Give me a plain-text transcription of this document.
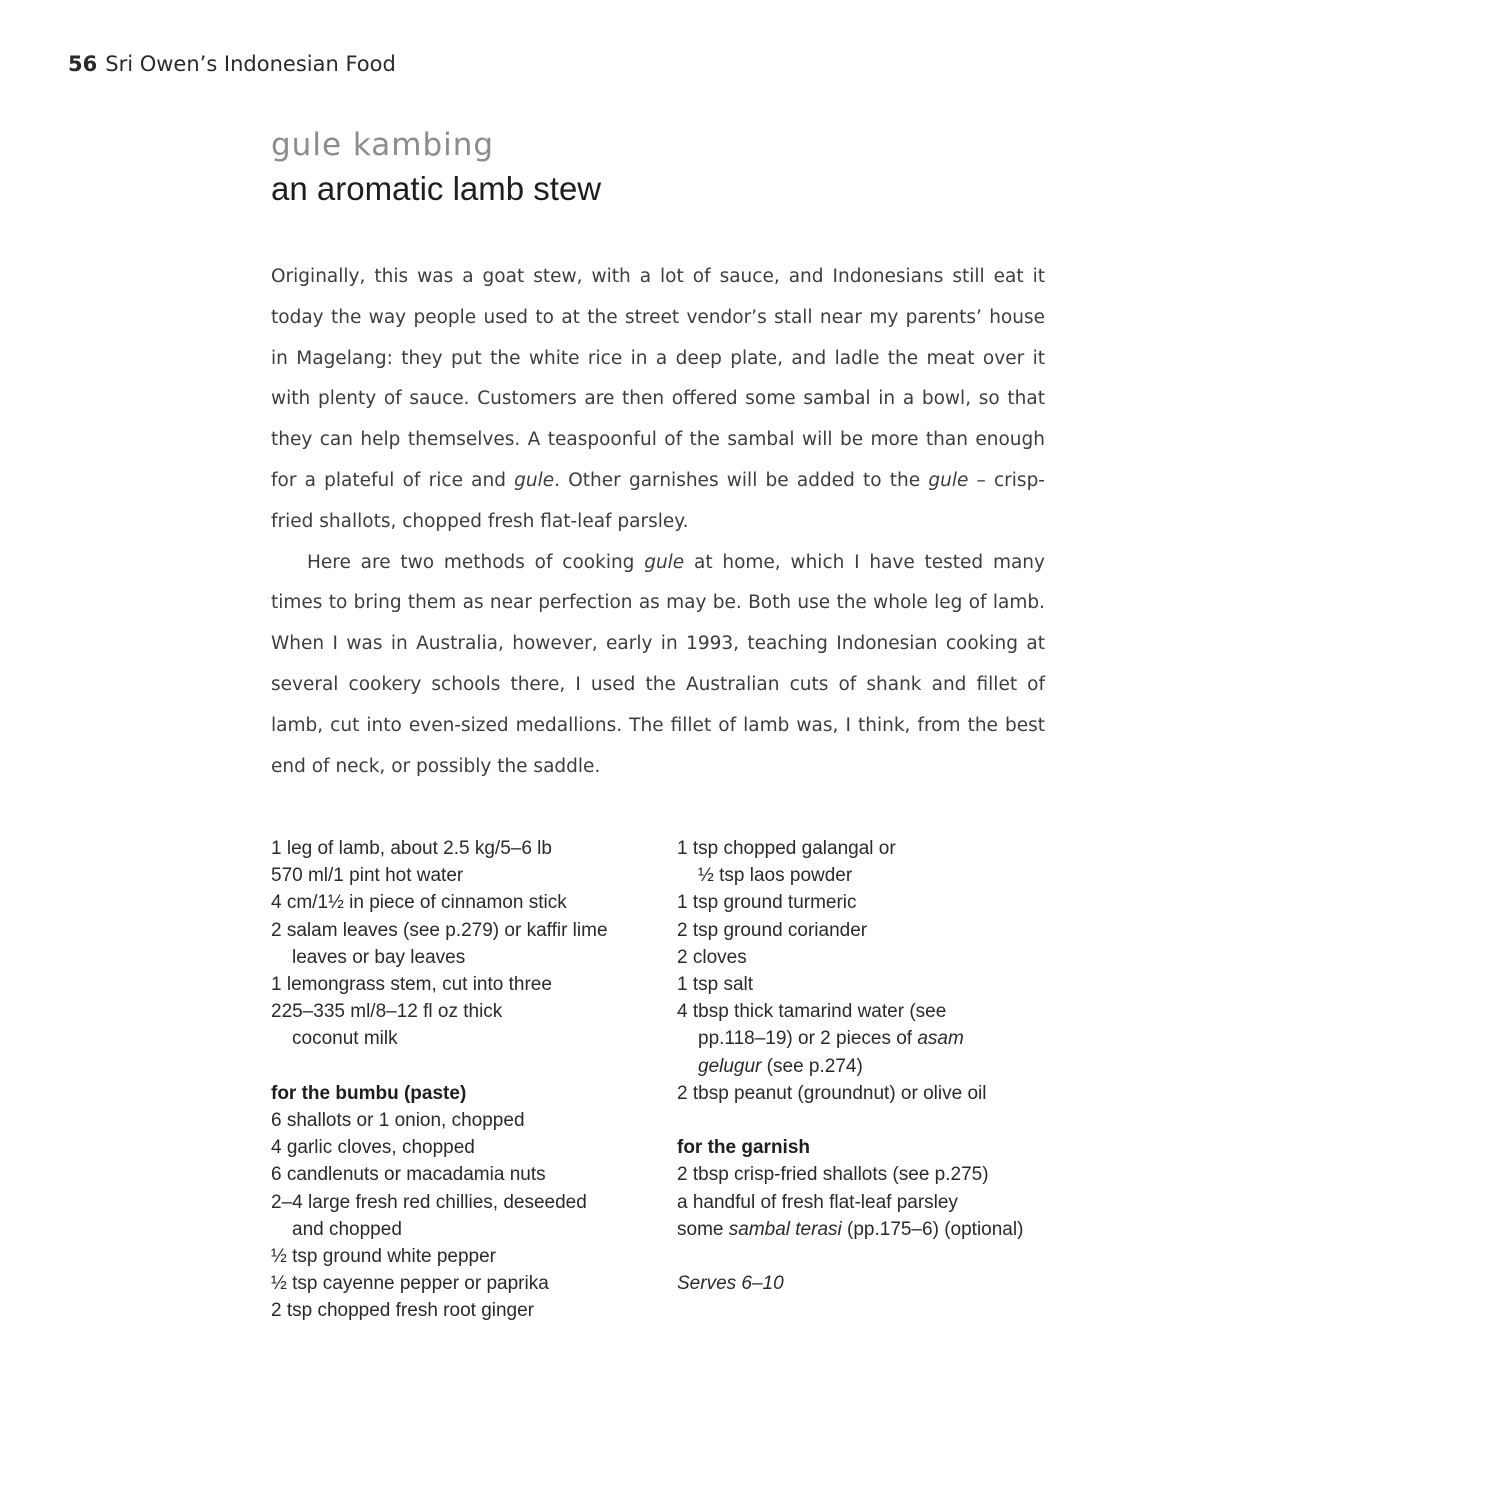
56 Sri Owen’s Indonesian Food
gule kambing
an aromatic lamb stew

Originally, this was a goat stew, with a lot of sauce, and Indonesians still eat it today the way people used to at the street vendor’s stall near my parents’ house in Magelang: they put the white rice in a deep plate, and ladle the meat over it with plenty of sauce. Customers are then offered some sambal in a bowl, so that they can help themselves. A teaspoonful of the sambal will be more than enough for a plateful of rice and gule. Other garnishes will be added to the gule – crisp-fried shallots, chopped fresh flat-leaf parsley.

Here are two methods of cooking gule at home, which I have tested many times to bring them as near perfection as may be. Both use the whole leg of lamb. When I was in Australia, however, early in 1993, teaching Indonesian cooking at several cookery schools there, I used the Australian cuts of shank and fillet of lamb, cut into even-sized medallions. The fillet of lamb was, I think, from the best end of neck, or possibly the saddle.

1 leg of lamb, about 2.5 kg/5–6 lb
570 ml/1 pint hot water
4 cm/1½ in piece of cinnamon stick
2 salam leaves (see p.279) or kaffir lime
leaves or bay leaves
1 lemongrass stem, cut into three
225–335 ml/8–12 fl oz thick
coconut milk
for the bumbu (paste)
6 shallots or 1 onion, chopped
4 garlic cloves, chopped
6 candlenuts or macadamia nuts
2–4 large fresh red chillies, deseeded
and chopped
½ tsp ground white pepper
½ tsp cayenne pepper or paprika
2 tsp chopped fresh root ginger
1 tsp chopped galangal or
½ tsp laos powder
1 tsp ground turmeric
2 tsp ground coriander
2 cloves
1 tsp salt
4 tbsp thick tamarind water (see
pp.118–19) or 2 pieces of asam
gelugur (see p.274)
2 tbsp peanut (groundnut) or olive oil
for the garnish
2 tbsp crisp-fried shallots (see p.275)
a handful of fresh flat-leaf parsley
some sambal terasi (pp.175–6) (optional)
Serves 6–10
